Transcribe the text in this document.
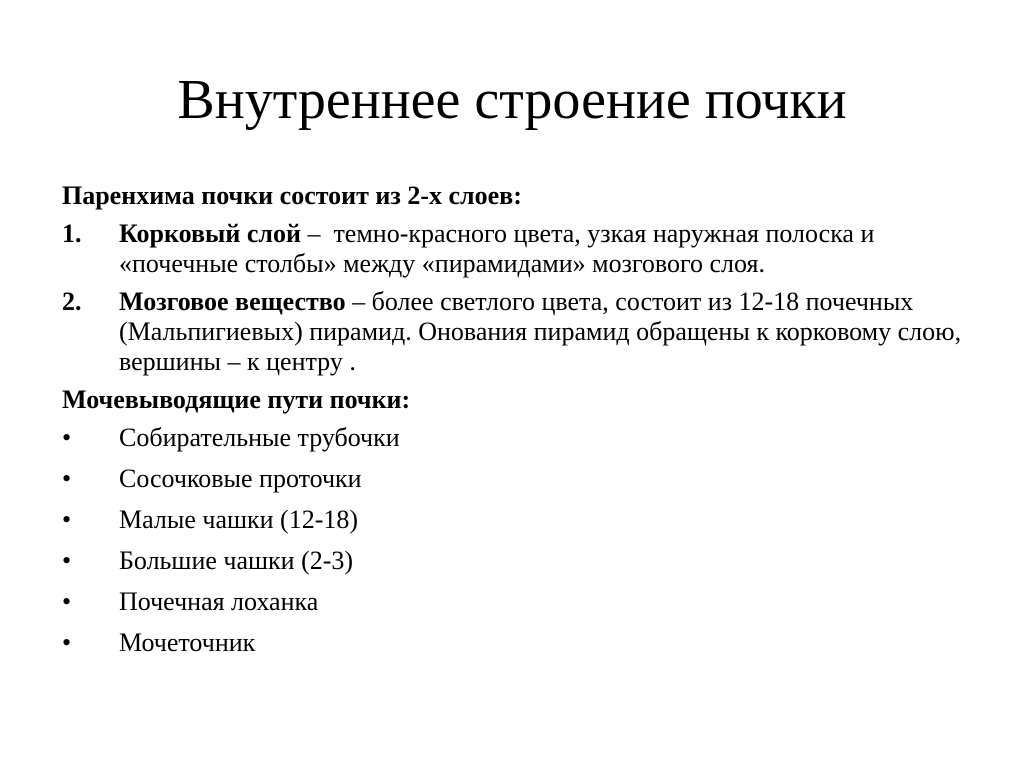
Внутреннее строение почки
Паренхима почки состоит из 2-х слоев:
1. Корковый слой –  темно-красного цвета, узкая наружная полоска и «почечные столбы» между «пирамидами» мозгового слоя.
2. Мозговое вещество – более светлого цвета, состоит из 12-18 почечных (Мальпигиевых) пирамид. Онования пирамид обращены к корковому слою, вершины – к центру .
Мочевыводящие пути почки:
• Собирательные трубочки
• Сосочковые проточки
• Малые чашки (12-18)
• Большие чашки (2-3)
• Почечная лоханка
• Мочеточник
